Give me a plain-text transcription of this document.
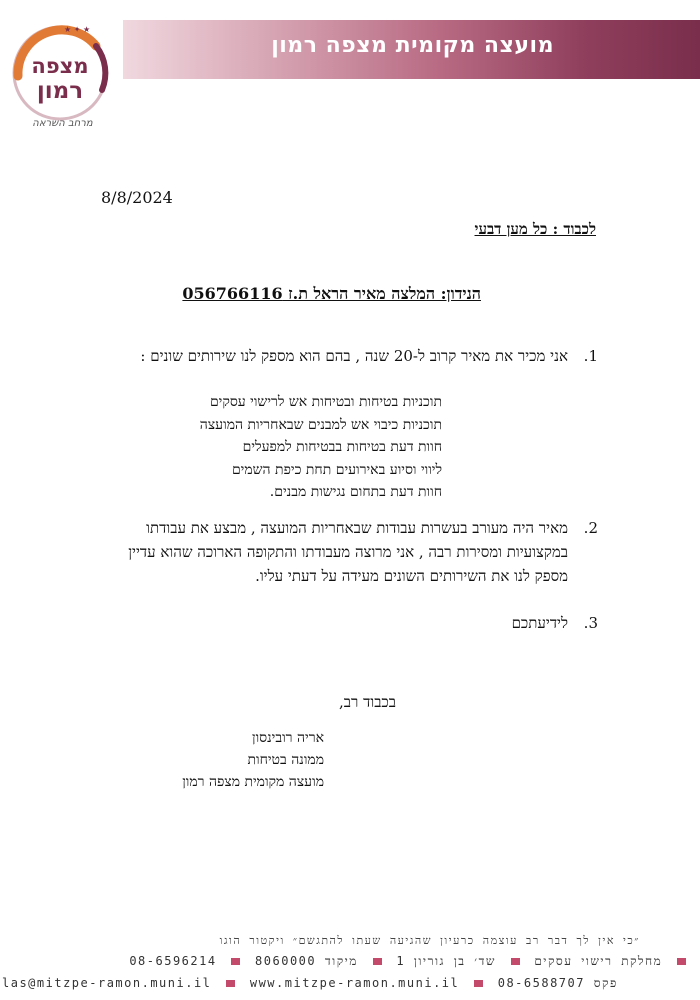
מועצה מקומית מצפה רמון
★ ✦ ★
מצפה
רמון
מרחב השראה
8/8/2024
לכבוד : כל מען דבעי
הנידון: המלצה מאיר הראל ת.ז 056766116
1.
אני מכיר את מאיר קרוב ל-20 שנה , בהם הוא מספק לנו שירותים שונים :
תוכניות בטיחות ובטיחות אש לרישוי עסקים
תוכניות כיבוי אש למבנים שבאחריות המועצה
חוות דעת בטיחות בבטיחות למפעלים
ליווי וסיוע באירועים תחת כיפת השמים
חוות דעת בתחום נגישות מבנים.
2.
מאיר היה מעורב בעשרות עבודות שבאחריות המועצה , מבצע את עבודתו
במקצועיות ומסירות רבה , אני מרוצה מעבודתו והתקופה הארוכה שהוא עדיין
מספק לנו את השירותים השונים מעידה על דעתי עליו.
3.
לידיעתכם
בכבוד רב,
אריה רובינסון
ממונה בטיחות
מועצה מקומית מצפה רמון
״כי אין לך דבר רב עוצמה כרעיון שהגיעה שעתו להתגשם״ ויקטור הוגו
מחלקת רישוי עסקים  שד׳ בן גוריון 1  מיקוד 8060000  08-6596214
las@mitzpe-ramon.muni.il	www.mitzpe-ramon.muni.il	08-6588707 פקס
